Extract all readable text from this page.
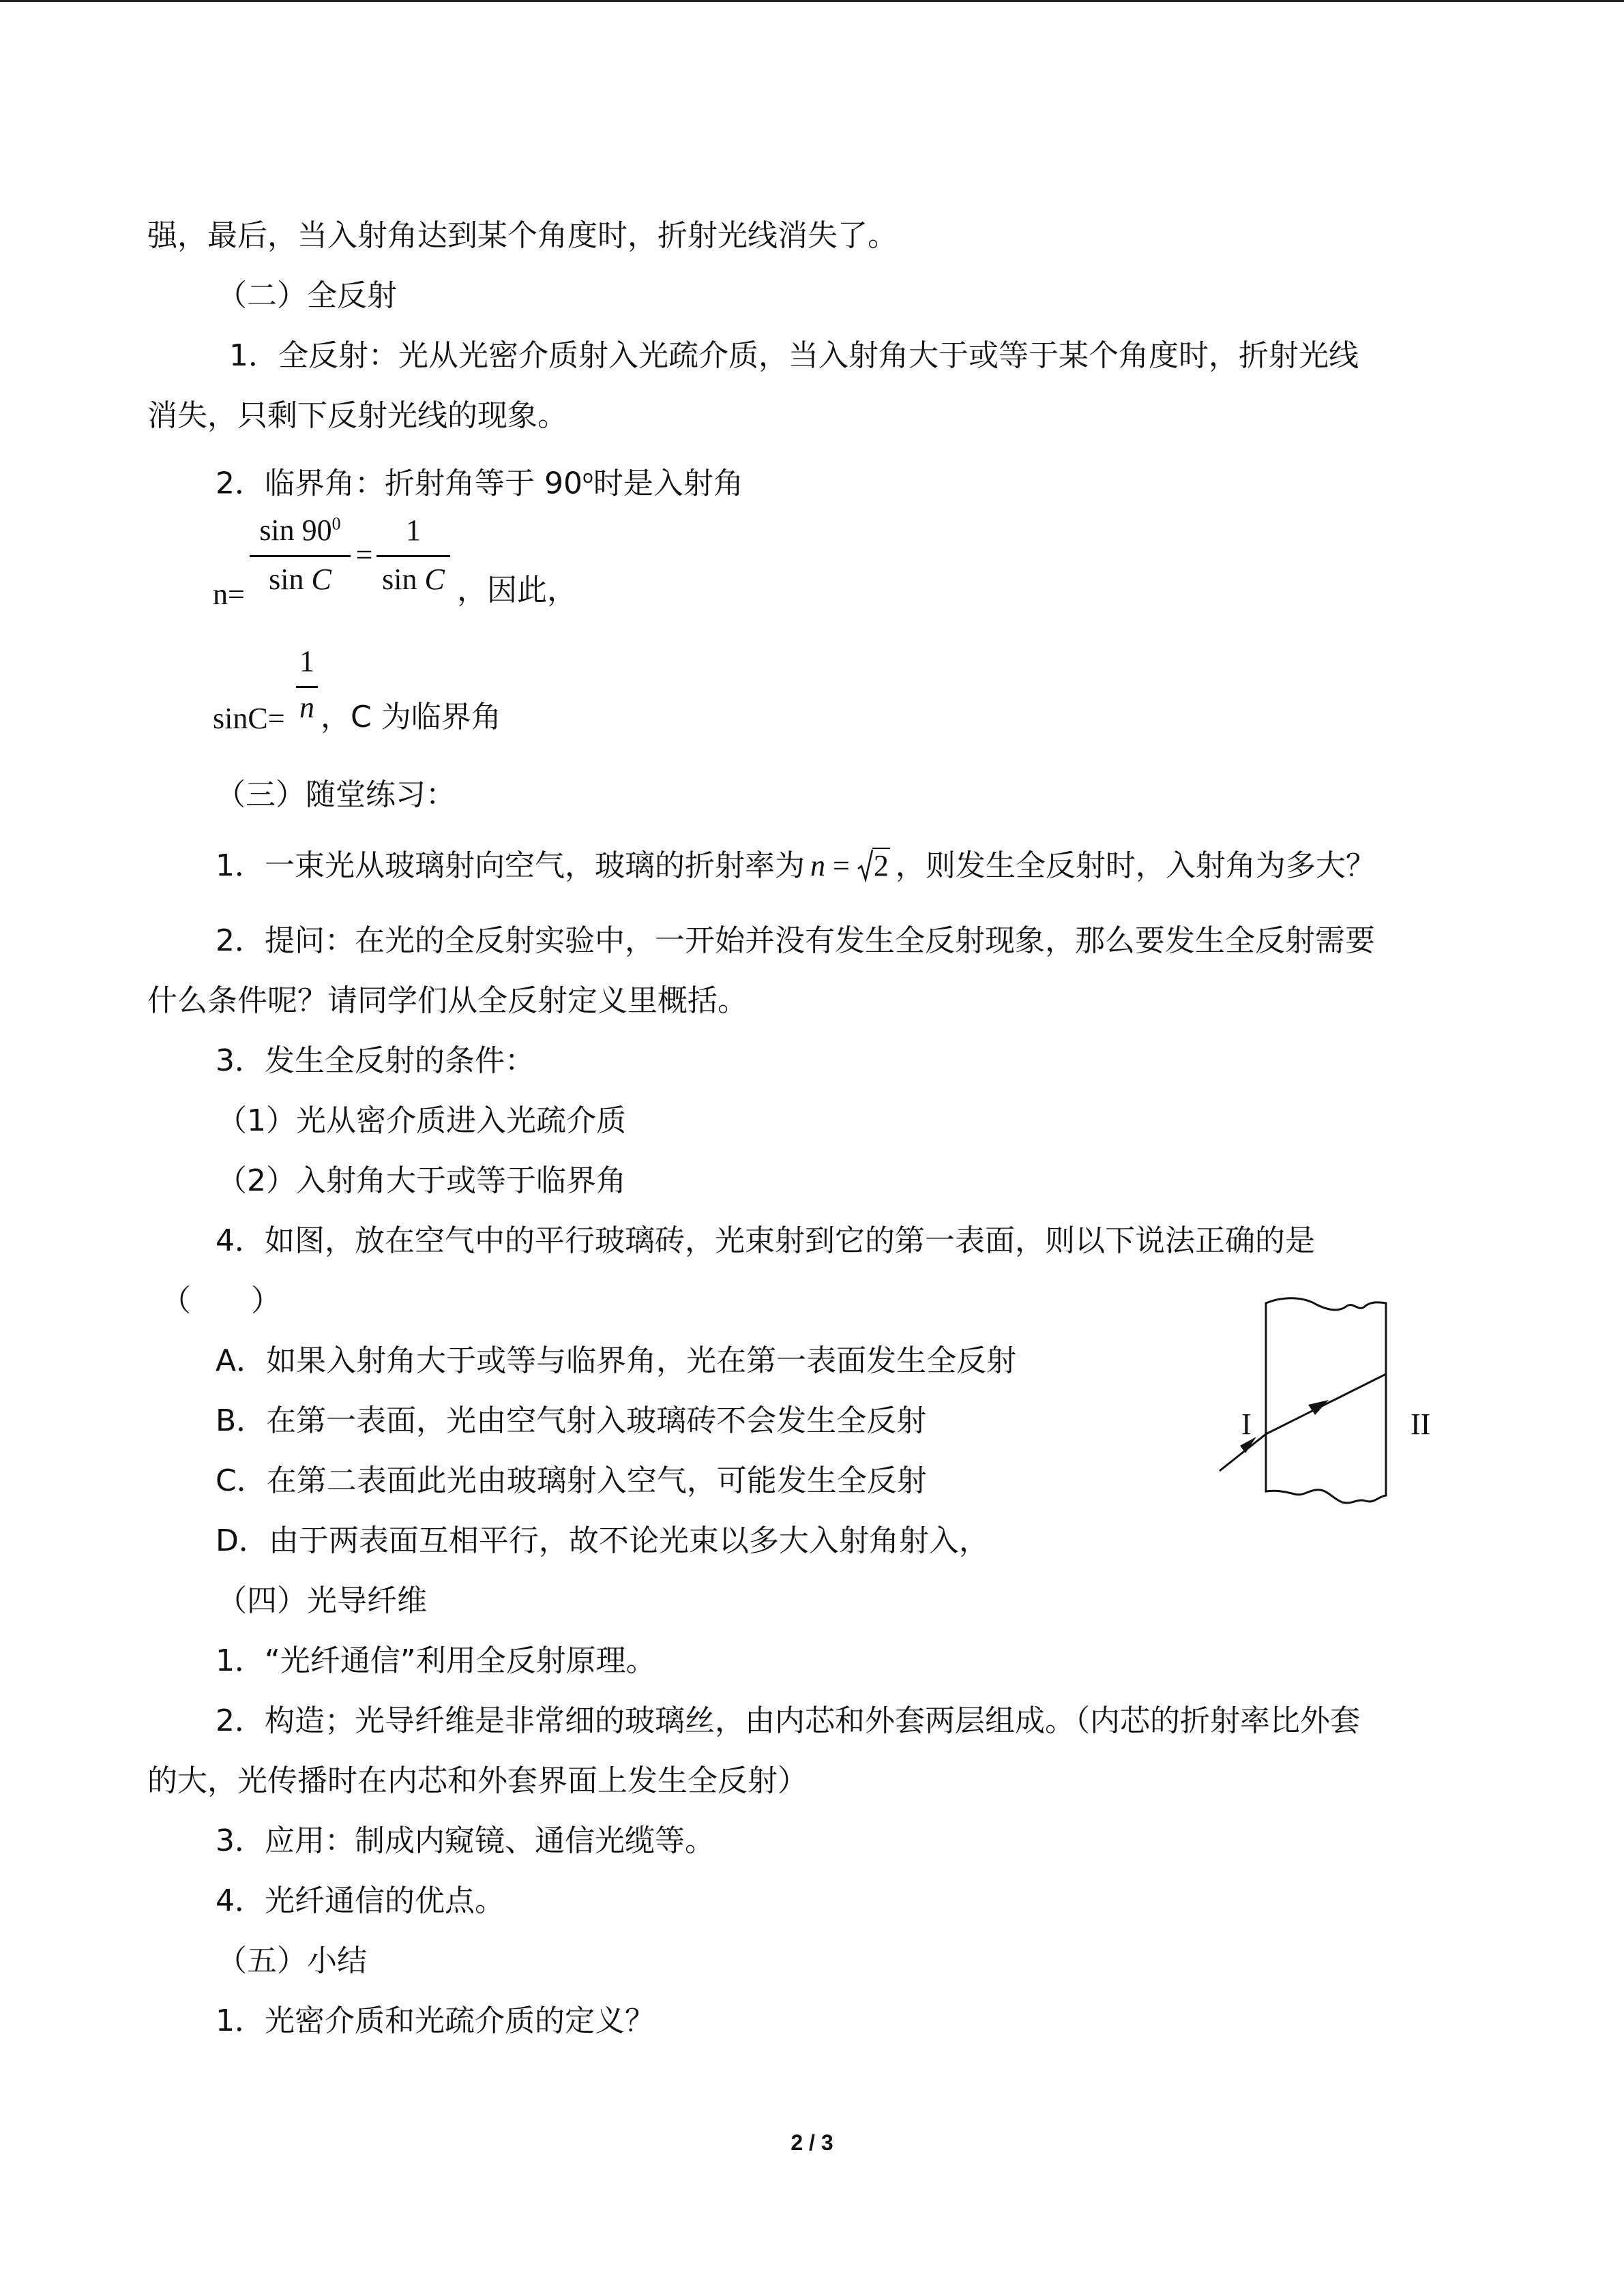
强，最后，当入射角达到某个角度时，折射光线消失了。
（二）全反射
1．全反射：光从光密介质射入光疏介质，当入射角大于或等于某个角度时，折射光线
消失，只剩下反射光线的现象。
2．临界角：折射角等于 90$^o$时是入射角
n=
$\sin 90^0$
sin C
=
1
sin C ，因此，
sinC=
1
n ，C 为临界角
（三）随堂练习：
1．一束光从玻璃射向空气，玻璃的折射率为 n = 2 ，则发生全反射时，入射角为多大？
2．提问：在光的全反射实验中，一开始并没有发生全反射现象，那么要发生全反射需要
什么条件呢？请同学们从全反射定义里概括。
3．发生全反射的条件：
（1）光从密介质进入光疏介质
（2）入射角大于或等于临界角
4．如图，放在空气中的平行玻璃砖，光束射到它的第一表面，则以下说法正确的是
（　　）
A．如果入射角大于或等与临界角，光在第一表面发生全反射
B．在第一表面，光由空气射入玻璃砖不会发生全反射
C．在第二表面此光由玻璃射入空气，可能发生全反射
D．由于两表面互相平行，故不论光束以多大入射角射入，
I	II
（四）光导纤维
1．“光纤通信”利用全反射原理。
2．构造；光导纤维是非常细的玻璃丝，由内芯和外套两层组成。（内芯的折射率比外套
的大，光传播时在内芯和外套界面上发生全反射）
3．应用：制成内窥镜、通信光缆等。
4．光纤通信的优点。
（五）小结
1．光密介质和光疏介质的定义？
2 / 3
